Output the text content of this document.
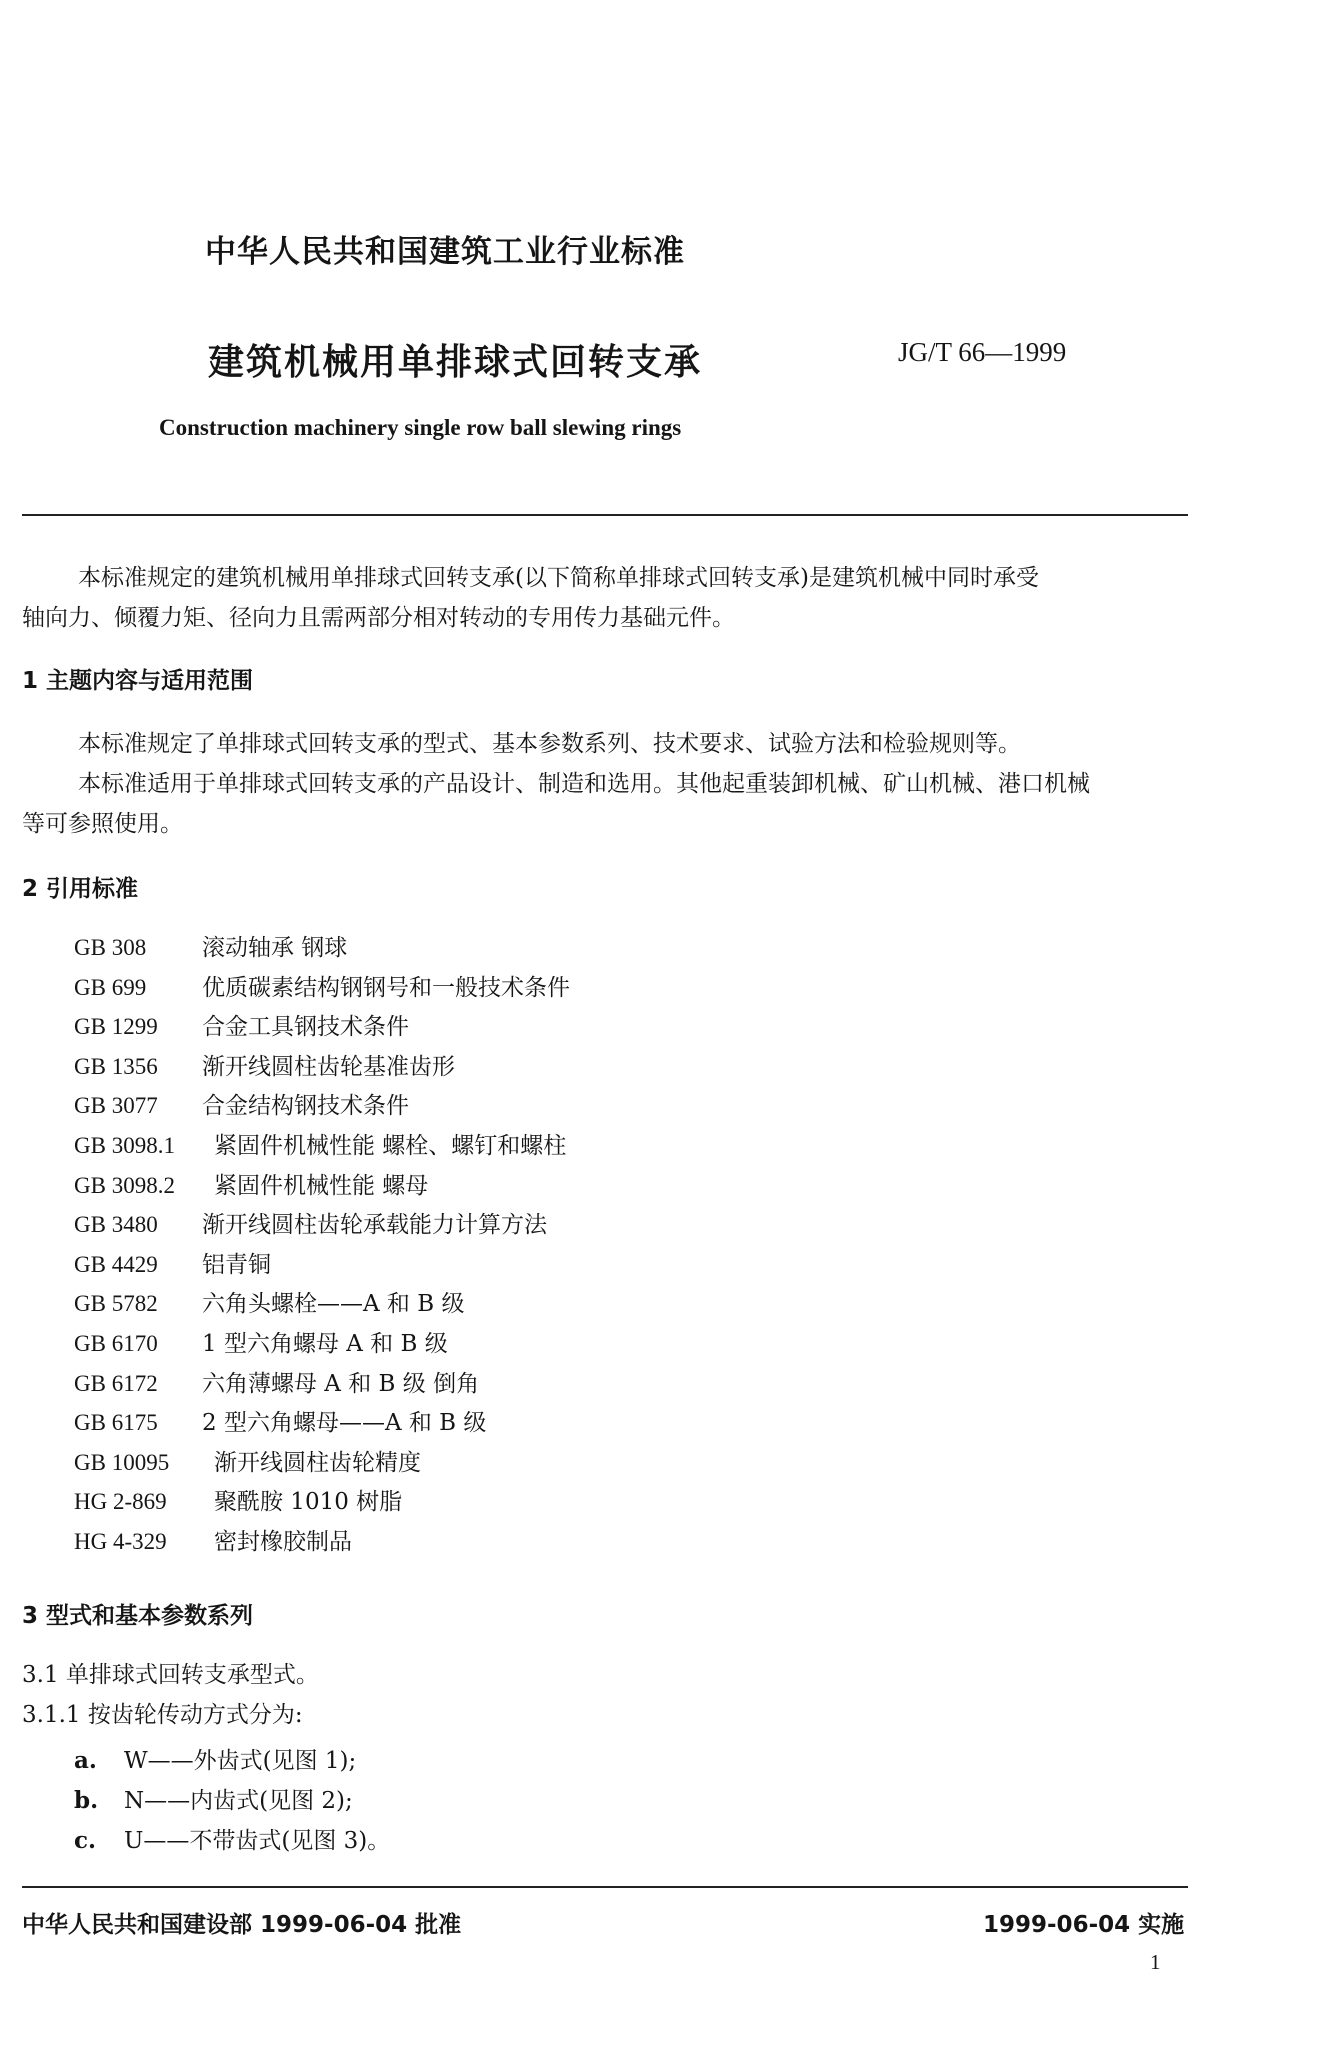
中华人民共和国建筑工业行业标准
建筑机械用单排球式回转支承	JG/T 66—1999
Construction machinery single row ball slewing rings
本标准规定的建筑机械用单排球式回转支承(以下简称单排球式回转支承)是建筑机械中同时承受
轴向力、倾覆力矩、径向力且需两部分相对转动的专用传力基础元件。
1 主题内容与适用范围
本标准规定了单排球式回转支承的型式、基本参数系列、技术要求、试验方法和检验规则等。
本标准适用于单排球式回转支承的产品设计、制造和选用。其他起重装卸机械、矿山机械、港口机械
等可参照使用。
2 引用标准
GB 308 滚动轴承 钢球
GB 699 优质碳素结构钢钢号和一般技术条件
GB 1299 合金工具钢技术条件
GB 1356 渐开线圆柱齿轮基准齿形
GB 3077 合金结构钢技术条件
GB 3098.1 紧固件机械性能 螺栓、螺钉和螺柱
GB 3098.2 紧固件机械性能 螺母
GB 3480 渐开线圆柱齿轮承载能力计算方法
GB 4429 铝青铜
GB 5782 六角头螺栓——A 和 B 级
GB 6170 1 型六角螺母 A 和 B 级
GB 6172 六角薄螺母 A 和 B 级 倒角
GB 6175 2 型六角螺母——A 和 B 级
GB 10095 渐开线圆柱齿轮精度
HG 2-869 聚酰胺 1010 树脂
HG 4-329 密封橡胶制品
3 型式和基本参数系列
3.1 单排球式回转支承型式。
3.1.1 按齿轮传动方式分为:
a. W——外齿式(见图 1);
b. N——内齿式(见图 2);
c. U——不带齿式(见图 3)。
中华人民共和国建设部 1999-06-04 批准	1999-06-04 实施
1
